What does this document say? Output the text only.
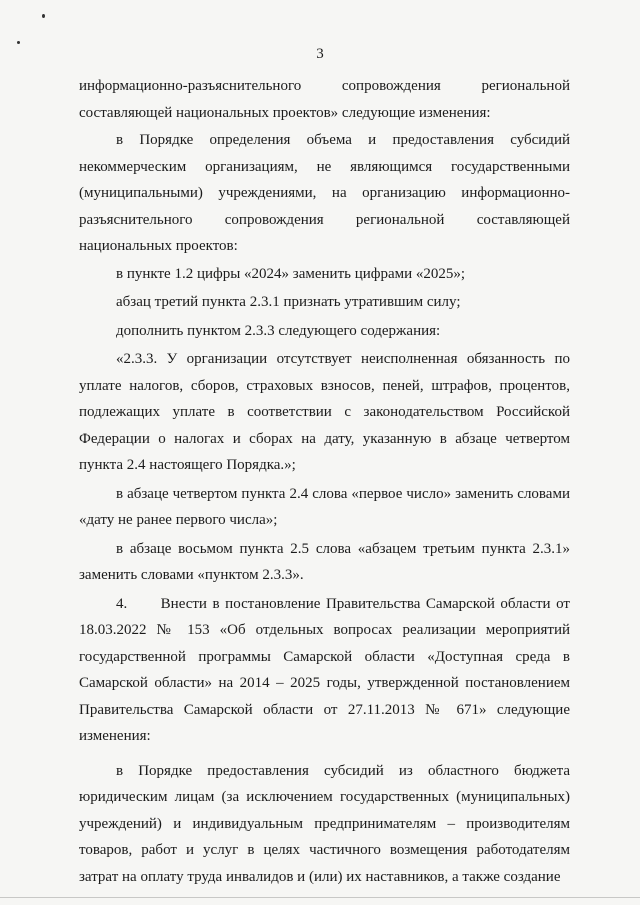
3

информационно-разъяснительного сопровождения региональной составляющей национальных проектов» следующие изменения:

в Порядке определения объема и предоставления субсидий некоммерческим организациям, не являющимся государственными (муниципальными) учреждениями, на организацию информационно-разъяснительного сопровождения региональной составляющей национальных проектов:

в пункте 1.2 цифры «2024» заменить цифрами «2025»;

абзац третий пункта 2.3.1 признать утратившим силу;

дополнить пунктом 2.3.3 следующего содержания:

«2.3.3. У организации отсутствует неисполненная обязанность по уплате налогов, сборов, страховых взносов, пеней, штрафов, процентов, подлежащих уплате в соответствии с законодательством Российской Федерации о налогах и сборах на дату, указанную в абзаце четвертом пункта 2.4 настоящего Порядка.»;

в абзаце четвертом пункта 2.4 слова «первое число» заменить словами «дату не ранее первого числа»;

в абзаце восьмом пункта 2.5 слова «абзацем третьим пункта 2.3.1» заменить словами «пунктом 2.3.3».

4.      Внести в постановление Правительства Самарской области от 18.03.2022 № 153 «Об отдельных вопросах реализации мероприятий государственной программы Самарской области «Доступная среда в Самарской области» на 2014 – 2025 годы, утвержденной постановлением Правительства Самарской области от 27.11.2013 № 671» следующие изменения:

в Порядке предоставления субсидий из областного бюджета юридическим лицам (за исключением государственных (муниципальных) учреждений) и индивидуальным предпринимателям – производителям товаров, работ и услуг в целях частичного возмещения работодателям затрат на оплату труда инвалидов и (или) их наставников, а также создание
